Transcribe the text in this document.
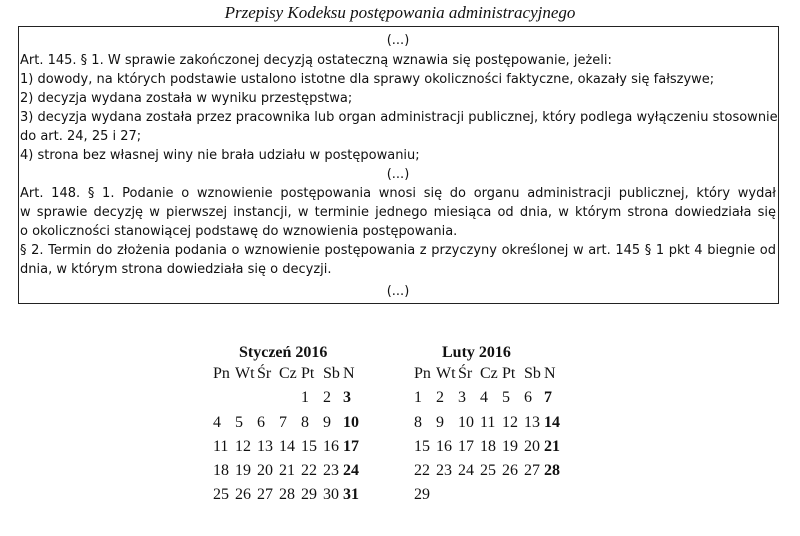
Przepisy Kodeksu postępowania administracyjnego
(...)
Art. 145. § 1. W sprawie zakończonej decyzją ostateczną wznawia się postępowanie, jeżeli:
1) dowody, na których podstawie ustalono istotne dla sprawy okoliczności faktyczne, okazały się fałszywe;
2) decyzja wydana została w wyniku przestępstwa;
3) decyzja wydana została przez pracownika lub organ administracji publicznej, który podlega wyłączeniu stosownie
do art. 24, 25 i 27;
4) strona bez własnej winy nie brała udziału w postępowaniu;
(...)
Art. 148. § 1. Podanie o wznowienie postępowania wnosi się do organu administracji publicznej, który wydał
w sprawie decyzję w pierwszej instancji, w terminie jednego miesiąca od dnia, w którym strona dowiedziała się
o okoliczności stanowiącej podstawę do wznowienia postępowania.
§ 2. Termin do złożenia podania o wznowienie postępowania z przyczyny określonej w art. 145 § 1 pkt 4 biegnie od
dnia, w którym strona dowiedziała się o decyzji.
(...)
Styczeń 2016
Pn Wt Śr Cz Pt Sb N
1 2 3
4 5 6 7 8 9 10
11 12 13 14 15 16 17
18 19 20 21 22 23 24
25 26 27 28 29 30 31
Luty 2016
Pn Wt Śr Cz Pt Sb N
1 2 3 4 5 6 7
8 9 10 11 12 13 14
15 16 17 18 19 20 21
22 23 24 25 26 27 28
29
